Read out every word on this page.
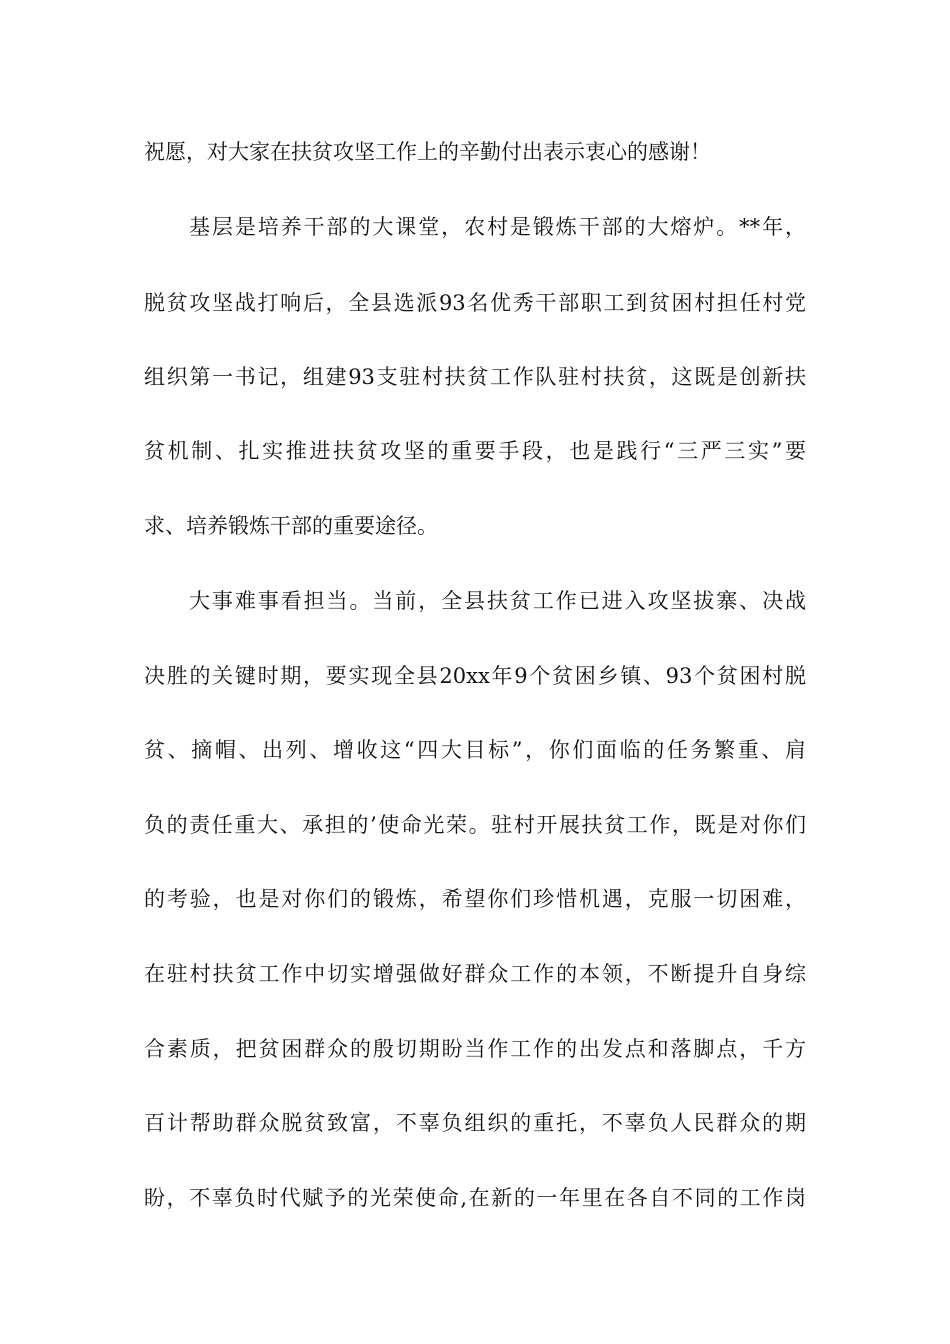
祝愿，对大家在扶贫攻坚工作上的辛勤付出表示衷心的感谢！
基层是培养干部的大课堂，农村是锻炼干部的大熔炉。**年，
脱贫攻坚战打响后，全县选派93名优秀干部职工到贫困村担任村党
组织第一书记，组建93支驻村扶贫工作队驻村扶贫，这既是创新扶
贫机制、扎实推进扶贫攻坚的重要手段，也是践行“三严三实”要
求、培养锻炼干部的重要途径。
大事难事看担当。当前，全县扶贫工作已进入攻坚拔寨、决战
决胜的关键时期，要实现全县20xx年9个贫困乡镇、93个贫困村脱
贫、摘帽、出列、增收这“四大目标”，你们面临的任务繁重、肩
负的责任重大、承担的’使命光荣。驻村开展扶贫工作，既是对你们
的考验，也是对你们的锻炼，希望你们珍惜机遇，克服一切困难，
在驻村扶贫工作中切实增强做好群众工作的本领，不断提升自身综
合素质，把贫困群众的殷切期盼当作工作的出发点和落脚点，千方
百计帮助群众脱贫致富，不辜负组织的重托，不辜负人民群众的期
盼，不辜负时代赋予的光荣使命,在新的一年里在各自不同的工作岗
